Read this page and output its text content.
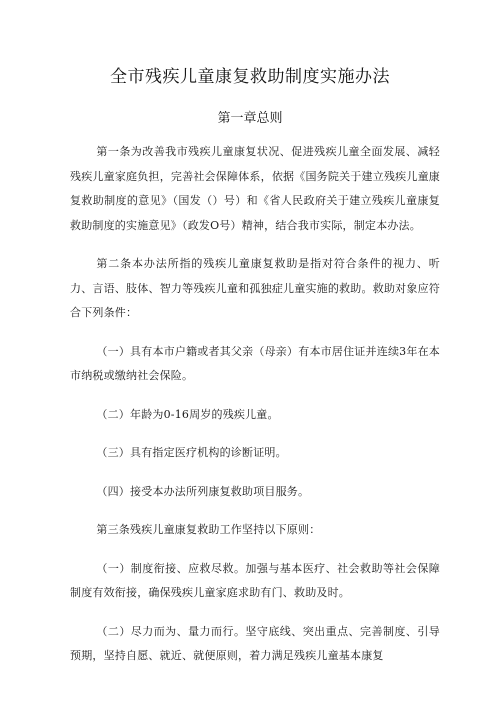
全市残疾儿童康复救助制度实施办法
第一章总则

第一条为改善我市残疾儿童康复状况、促进残疾儿童全面发展、减轻残疾儿童家庭负担，完善社会保障体系，依据《国务院关于建立残疾儿童康复救助制度的意见》（国发（）号）和《省人民政府关于建立残疾儿童康复救助制度的实施意见》（政发O号）精神，结合我市实际，制定本办法。

第二条本办法所指的残疾儿童康复救助是指对符合条件的视力、听力、言语、肢体、智力等残疾儿童和孤独症儿童实施的救助。救助对象应符合下列条件：

（一）具有本市户籍或者其父亲（母亲）有本市居住证并连续3年在本市纳税或缴纳社会保险。

（二）年龄为0-16周岁的残疾儿童。

（三）具有指定医疗机构的诊断证明。

（四）接受本办法所列康复救助项目服务。

第三条残疾儿童康复救助工作坚持以下原则：

（一）制度衔接、应救尽救。加强与基本医疗、社会救助等社会保障制度有效衔接，确保残疾儿童家庭求助有门、救助及时。

（二）尽力而为、量力而行。坚守底线、突出重点、完善制度、引导预期，坚持自愿、就近、就便原则，着力满足残疾儿童基本康复
